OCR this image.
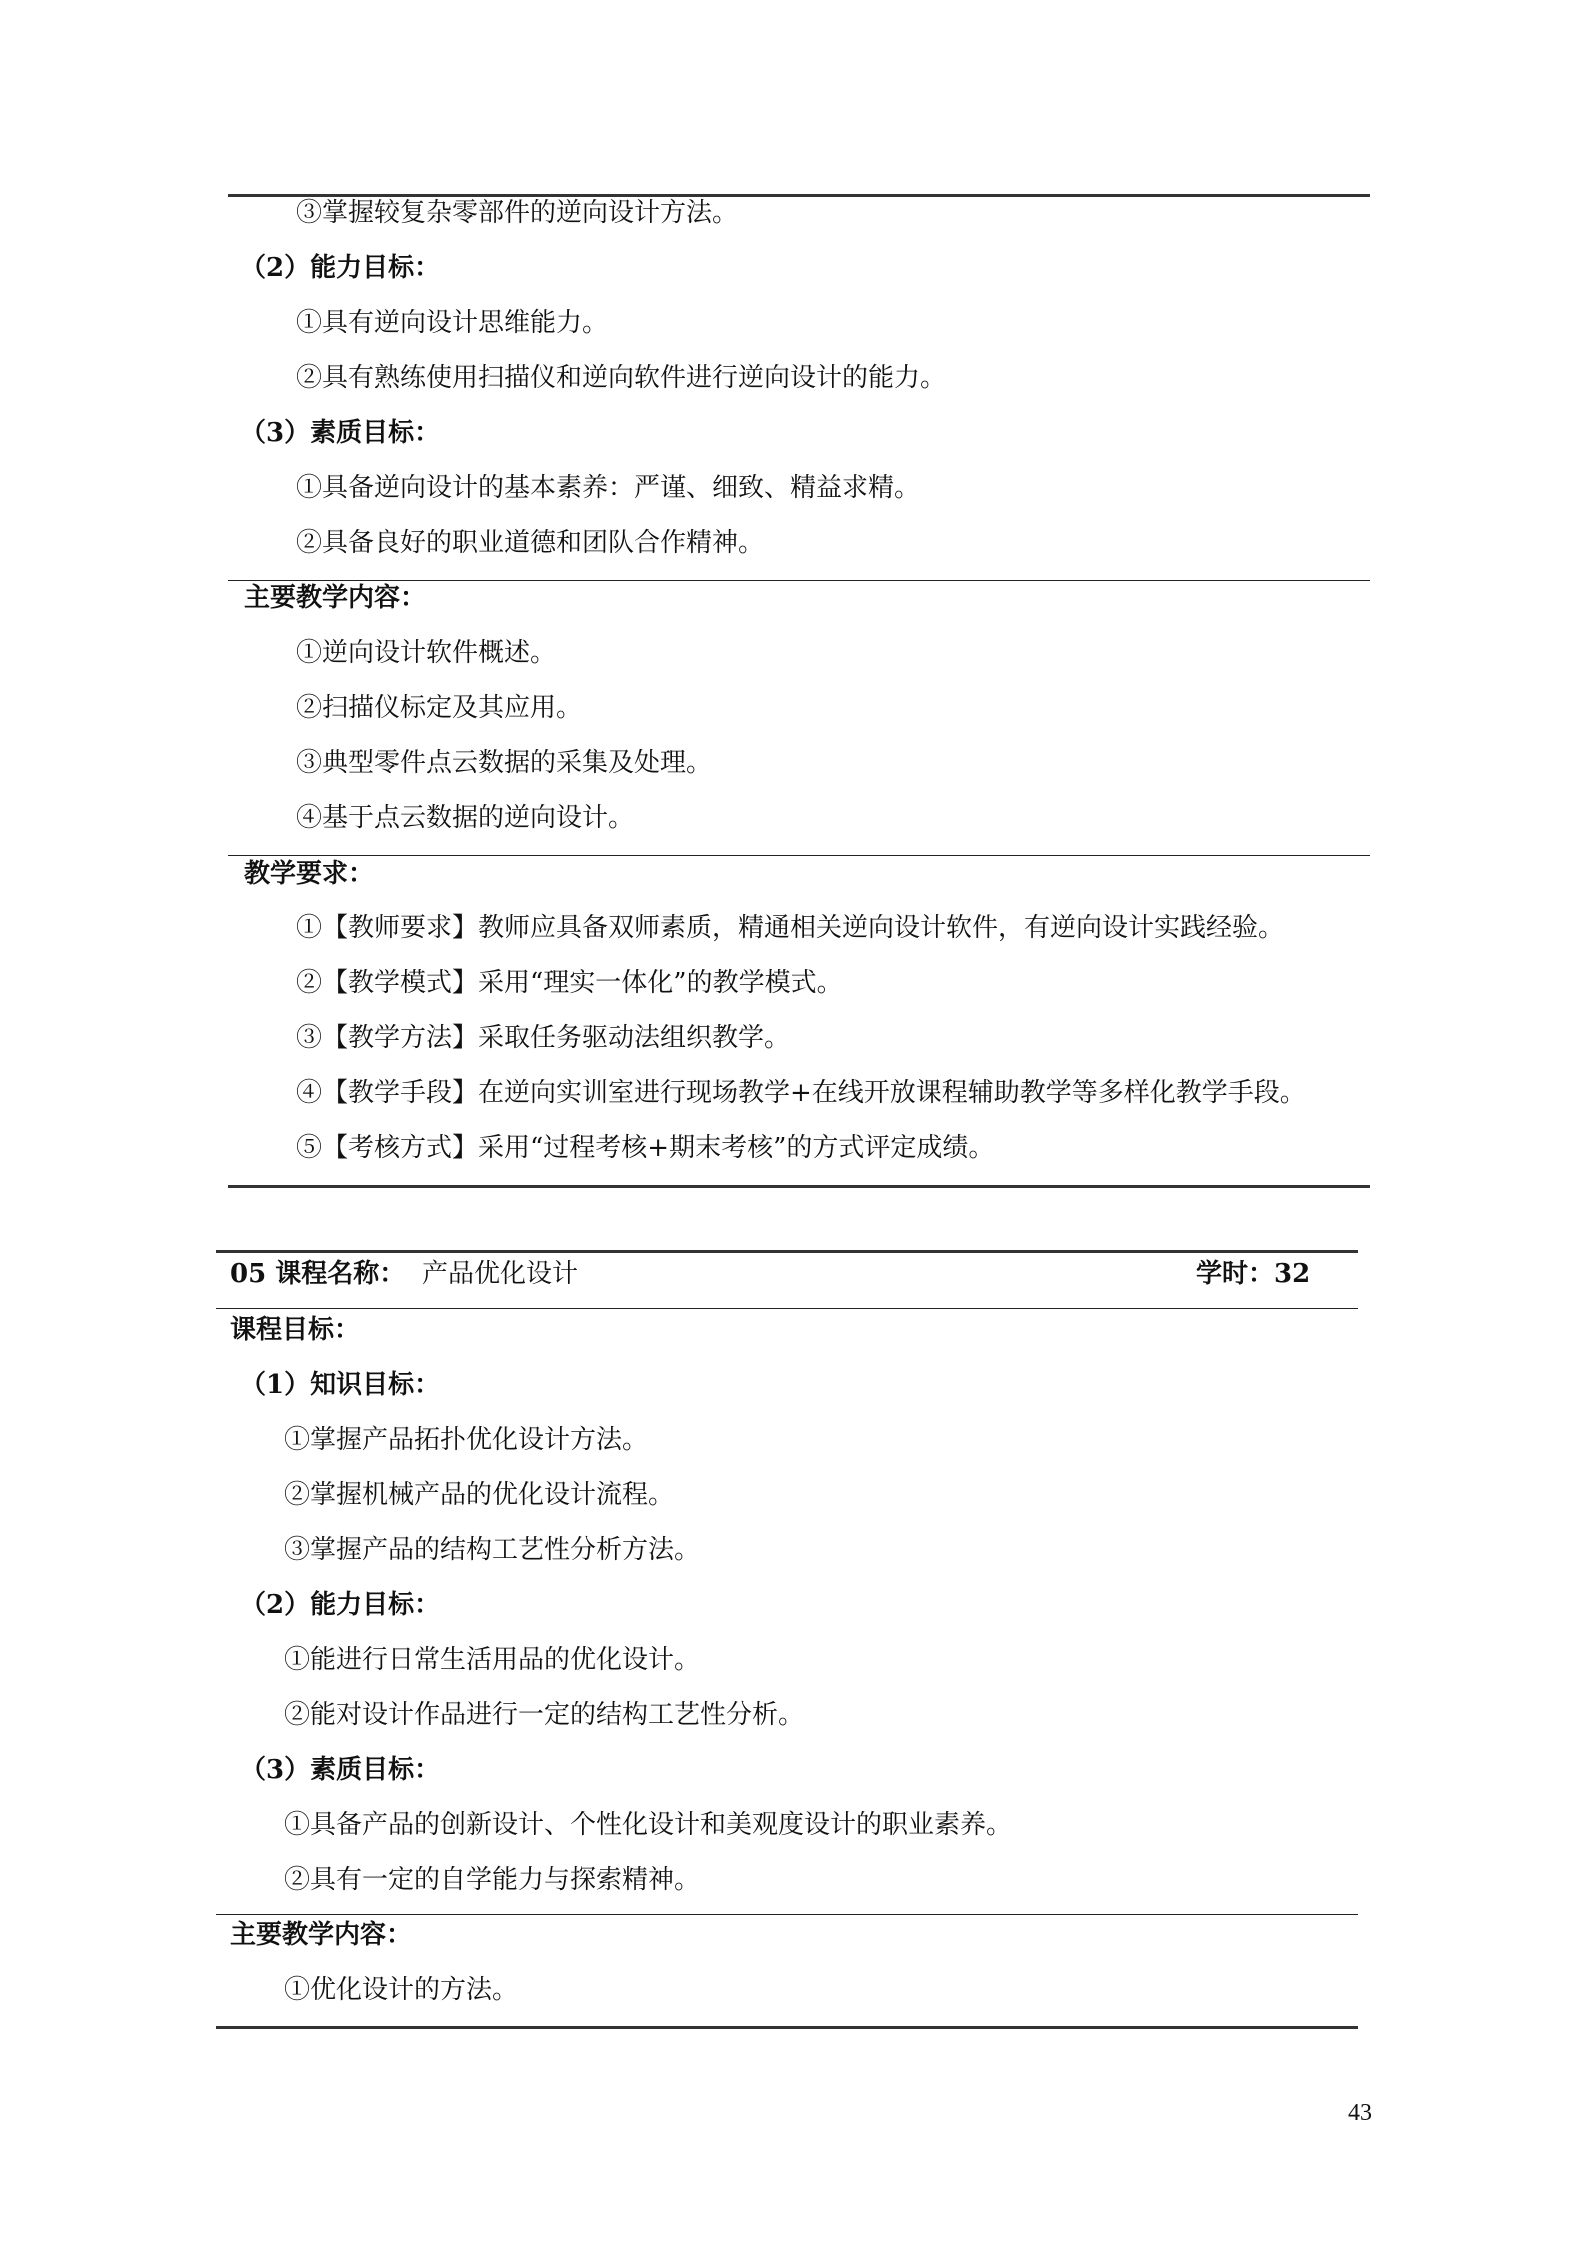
③掌握较复杂零部件的逆向设计方法。
（2）能力目标：
①具有逆向设计思维能力。
②具有熟练使用扫描仪和逆向软件进行逆向设计的能力。
（3）素质目标：
①具备逆向设计的基本素养：严谨、细致、精益求精。
②具备良好的职业道德和团队合作精神。
主要教学内容：
①逆向设计软件概述。
②扫描仪标定及其应用。
③典型零件点云数据的采集及处理。
④基于点云数据的逆向设计。
教学要求：
①【教师要求】教师应具备双师素质，精通相关逆向设计软件，有逆向设计实践经验。
②【教学模式】采用“理实一体化”的教学模式。
③【教学方法】采取任务驱动法组织教学。
④【教学手段】在逆向实训室进行现场教学+在线开放课程辅助教学等多样化教学手段。
⑤【考核方式】采用“过程考核+期末考核”的方式评定成绩。
05 课程名称： 产品优化设计	学时：32
课程目标：
（1）知识目标：
①掌握产品拓扑优化设计方法。
②掌握机械产品的优化设计流程。
③掌握产品的结构工艺性分析方法。
（2）能力目标：
①能进行日常生活用品的优化设计。
②能对设计作品进行一定的结构工艺性分析。
（3）素质目标：
①具备产品的创新设计、个性化设计和美观度设计的职业素养。
②具有一定的自学能力与探索精神。
主要教学内容：
①优化设计的方法。
43
